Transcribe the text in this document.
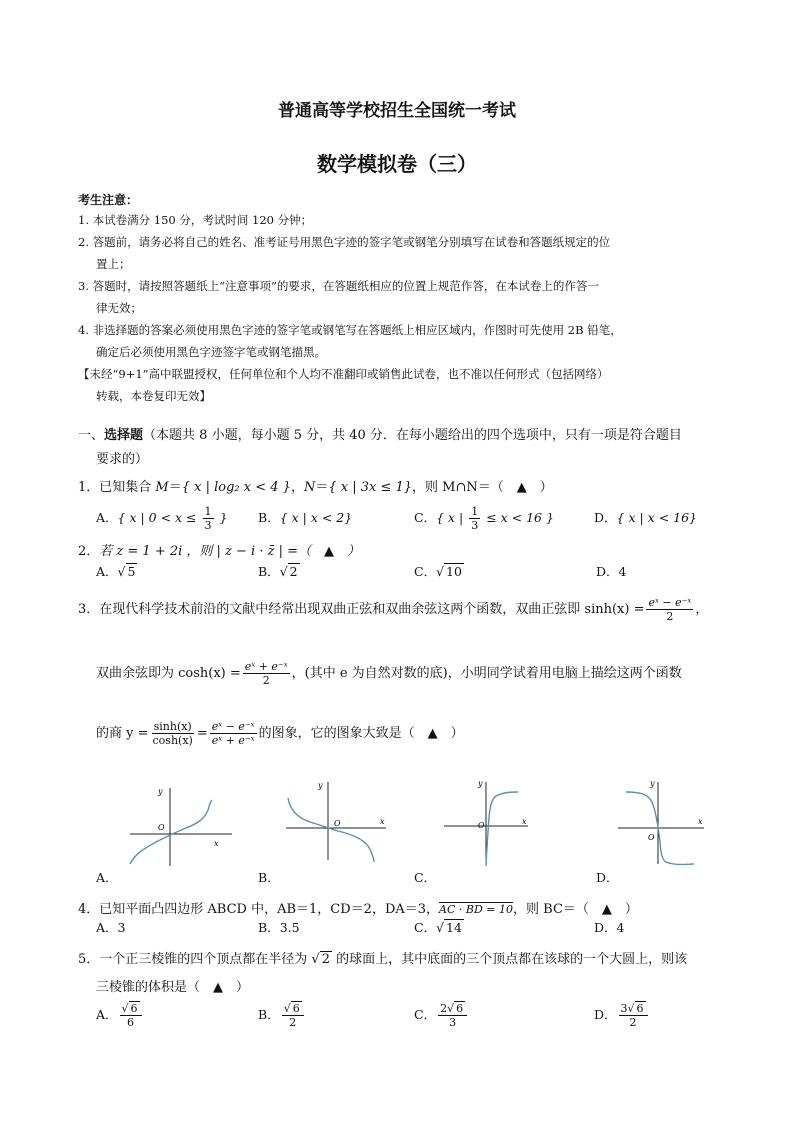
普通高等学校招生全国统一考试
数学模拟卷（三）
考生注意：
1. 本试卷满分 150 分，考试时间 120 分钟；
2. 答题前，请务必将自己的姓名、准考证号用黑色字迹的签字笔或钢笔分别填写在试卷和答题纸规定的位
置上；
3. 答题时，请按照答题纸上“注意事项”的要求，在答题纸相应的位置上规范作答，在本试卷上的作答一
律无效；
4. 非选择题的答案必须使用黑色字迹的签字笔或钢笔写在答题纸上相应区域内，作图时可先使用 2B 铅笔，
确定后必须使用黑色字迹签字笔或钢笔描黑。
【未经“9+1”高中联盟授权，任何单位和个人均不准翻印或销售此试卷，也不准以任何形式（包括网络）
转载，本卷复印无效】
一、选择题（本题共 8 小题，每小题 5 分，共 40 分．在每小题给出的四个选项中，只有一项是符合题目
要求的）
1．已知集合 M＝{ x | log₂ x < 4 }，N＝{ x | 3x ≤ 1}，则 M∩N＝（　▲　）
A．{ x | $0 < x \le \frac{1}{3}$ } B．{ x | x < 2}	C．{ x | $\frac{1}{3} \le x < 16$ }	D．{ x | x < 16}
2．若 z = 1 + 2i ，则 | z − i · z̄ | =（　▲　）
A．√ 5	B．√ 2	C．√ 10	D．4
3．在现代科学技术前沿的文献中经常出现双曲正弦和双曲余弦这两个函数，双曲正弦即 $\sinh(x) = \frac{\text{eˣ − e⁻ˣ}}{2}$ ，
双曲余弦即为 $\cosh(x) = \frac{\text{eˣ + e⁻ˣ}}{2}$ ，(其中 e 为自然对数的底)，小明同学试着用电脑上描绘这两个函数
的商 $y = \frac{\sinh(x)}{\cosh(x)} = \frac{\text{eˣ − e⁻ˣ}}{\text{eˣ + e⁻ˣ}}$ 的图象，它的图象大致是（　▲　）
y
x
O
A．
y
x
O
B．
y
x
O
C．
y
x
O
D．
4．已知平面凸四边形 ABCD 中，AB＝1，CD＝2，DA＝3，AC · BD = 10，则 BC＝（　▲　）
A．3	B．3.5	C．√ 14	D．4
5．一个正三棱锥的四个顶点都在半径为 √ 2 的球面上，其中底面的三个顶点都在该球的一个大圆上，则该
三棱锥的体积是（　▲　）
A． $\frac{√ 6}{6}$	B． $\frac{√ 6}{2}$	C． $\frac{2√ 6}{3}$	D． $\frac{3√ 6}{2}$
